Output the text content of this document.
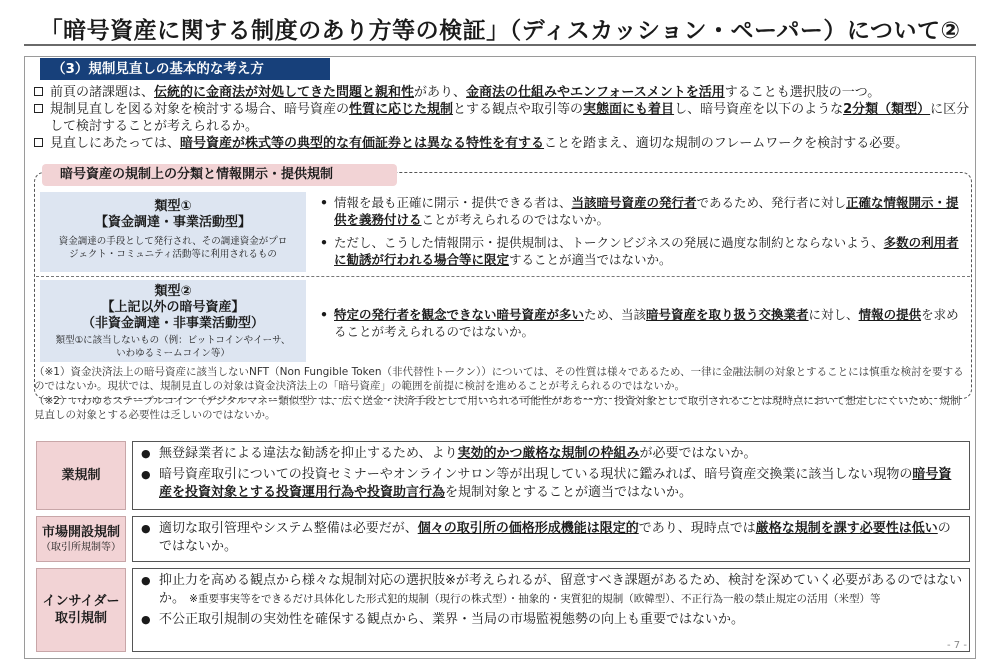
「暗号資産に関する制度のあり方等の検証」（ディスカッション・ペーパー）について②
（3）規制見直しの基本的な考え方
前頁の諸課題は、伝統的に金商法が対処してきた問題と親和性があり、金商法の仕組みやエンフォースメントを活用することも選択肢の一つ。
規制見直しを図る対象を検討する場合、暗号資産の性質に応じた規制とする観点や取引等の実態面にも着目し、暗号資産を以下のような2分類（類型）に区分して検討することが考えられるか。
見直しにあたっては、暗号資産が株式等の典型的な有価証券とは異なる特性を有することを踏まえ、適切な規制のフレームワークを検討する必要。
暗号資産の規制上の分類と情報開示・提供規制
類型①
【資金調達・事業活動型】
資金調達の手段として発行され、その調達資金がプロジェクト・コミュニティ活動等に利用されるもの
• 情報を最も正確に開示・提供できる者は、当該暗号資産の発行者であるため、発行者に対し正確な情報開示・提供を義務付けることが考えられるのではないか。
• ただし、こうした情報開示・提供規制は、トークンビジネスの発展に過度な制約とならないよう、多数の利用者に勧誘が行われる場合等に限定することが適当ではないか。
類型②
【上記以外の暗号資産】
（非資金調達・非事業活動型）
類型①に該当しないもの（例：ビットコインやイーサ、いわゆるミームコイン等）
• 特定の発行者を観念できない暗号資産が多いため、当該暗号資産を取り扱う交換業者に対し、情報の提供を求めることが考えられるのではないか。

（※1）資金決済法上の暗号資産に該当しないNFT（Non Fungible Token（非代替性トークン））については、その性質は様々であるため、一律に金融法制の対象とすることには慎重な検討を要するのではないか。現状では、規制見直しの対象は資金決済法上の「暗号資産」の範囲を前提に検討を進めることが考えられるのではないか。

（※2）いわゆるステーブルコイン（デジタルマネー類似型）は、広く送金・決済手段として用いられる可能性がある一方、投資対象として取引されることは現時点において想定しにくいため、規制見直しの対象とする必要性は乏しいのではないか。

業規制
● 無登録業者による違法な勧誘を抑止するため、より実効的かつ厳格な規制の枠組みが必要ではないか。
● 暗号資産取引についての投資セミナーやオンラインサロン等が出現している現状に鑑みれば、暗号資産交換業に該当しない現物の暗号資産を投資対象とする投資運用行為や投資助言行為を規制対象とすることが適当ではないか。
市場開設規制
（取引所規制等）
● 適切な取引管理やシステム整備は必要だが、個々の取引所の価格形成機能は限定的であり、現時点では厳格な規制を課す必要性は低いのではないか。
インサイダー
取引規制
● 抑止力を高める観点から様々な規制対応の選択肢※が考えられるが、留意すべき課題があるため、検討を深めていく必要があるのではないか。 ※重要事実等をできるだけ具体化した形式犯的規制（現行の株式型）・抽象的・実質犯的規制（欧韓型）、不正行為一般の禁止規定の活用（米型）等
● 不公正取引規制の実効性を確保する観点から、業界・当局の市場監視態勢の向上も重要ではないか。
- 7 -
